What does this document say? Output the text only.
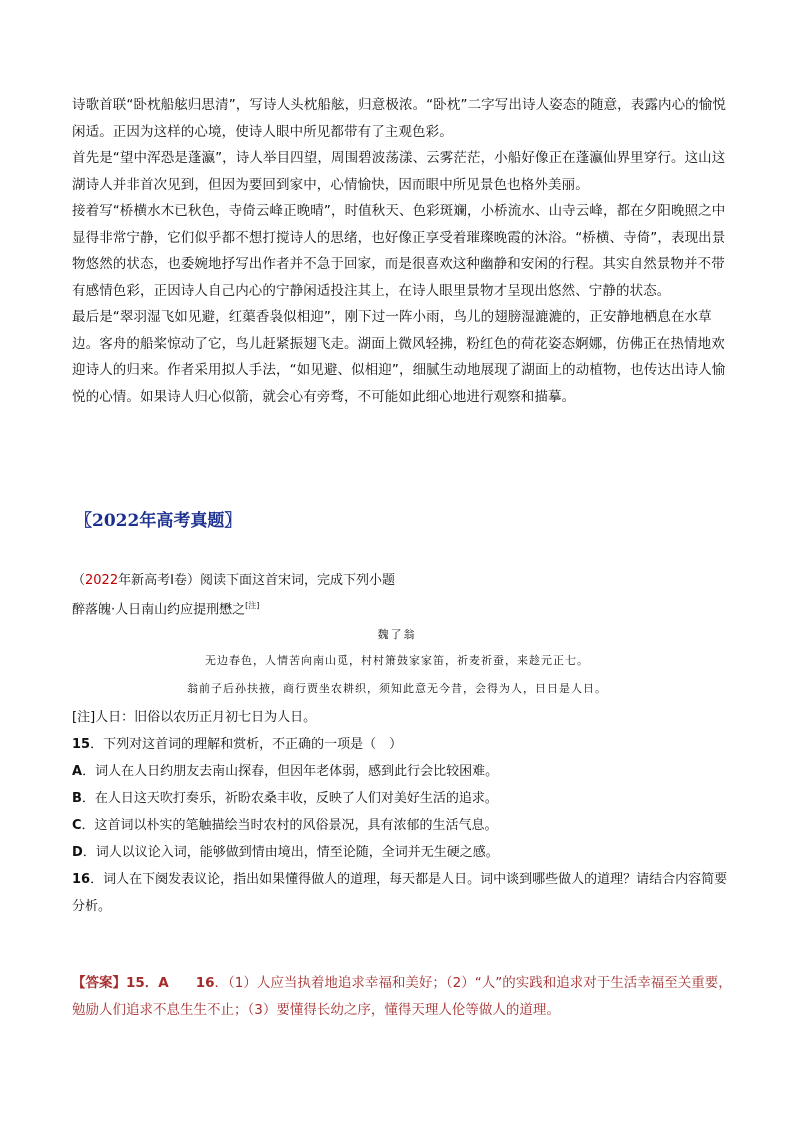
诗歌首联“卧枕船舷归思清”，写诗人头枕船舷，归意极浓。“卧枕”二字写出诗人姿态的随意，表露内心的愉悦闲适。正因为这样的心境，使诗人眼中所见都带有了主观色彩。

首先是“望中浑恐是蓬瀛”，诗人举目四望，周围碧波荡漾、云雾茫茫，小船好像正在蓬瀛仙界里穿行。这山这湖诗人并非首次见到，但因为要回到家中，心情愉快，因而眼中所见景色也格外美丽。

接着写“桥横水木已秋色，寺倚云峰正晚晴”，时值秋天、色彩斑斓，小桥流水、山寺云峰，都在夕阳晚照之中显得非常宁静，它们似乎都不想打搅诗人的思绪，也好像正享受着璀璨晚霞的沐浴。“桥横、寺倚”，表现出景物悠然的状态，也委婉地抒写出作者并不急于回家，而是很喜欢这种幽静和安闲的行程。其实自然景物并不带有感情色彩，正因诗人自己内心的宁静闲适投注其上，在诗人眼里景物才呈现出悠然、宁静的状态。

最后是“翠羽湿飞如见避，红蕖香袅似相迎”，刚下过一阵小雨，鸟儿的翅膀湿漉漉的，正安静地栖息在水草边。客舟的船桨惊动了它，鸟儿赶紧振翅飞走。湖面上微风轻拂，粉红色的荷花姿态婀娜，仿佛正在热情地欢迎诗人的归来。作者采用拟人手法，“如见避、似相迎”，细腻生动地展现了湖面上的动植物，也传达出诗人愉悦的心情。如果诗人归心似箭，就会心有旁骛，不可能如此细心地进行观察和描摹。

〖2022年高考真题〗
（2022年新高考Ⅰ卷）阅读下面这首宋词，完成下列小题
醉落魄·人日南山约应提刑懋之[注]
魏了翁
无边春色，人情苦向南山觅，村村箫鼓家家笛，祈麦祈蚕，来趁元正七。
翁前子后孙扶掖，商行贾坐农耕织，须知此意无今昔，会得为人，日日是人日。
[注]人日：旧俗以农历正月初七日为人日。

15．下列对这首词的理解和赏析，不正确的一项是（　）

A．词人在人日约朋友去南山探春，但因年老体弱，感到此行会比较困难。

B．在人日这天吹打奏乐，祈盼农桑丰收，反映了人们对美好生活的追求。

C．这首词以朴实的笔触描绘当时农村的风俗景况，具有浓郁的生活气息。

D．词人以议论入词，能够做到情由境出，情至论随，全词并无生硬之感。

16．词人在下阕发表议论，指出如果懂得做人的道理，每天都是人日。词中谈到哪些做人的道理？请结合内容简要分析。

【答案】15．A　　 16．（1）人应当执着地追求幸福和美好；（2）“人”的实践和追求对于生活幸福至关重要，勉励人们追求不息生生不止；（3）要懂得长幼之序，懂得天理人伦等做人的道理。
